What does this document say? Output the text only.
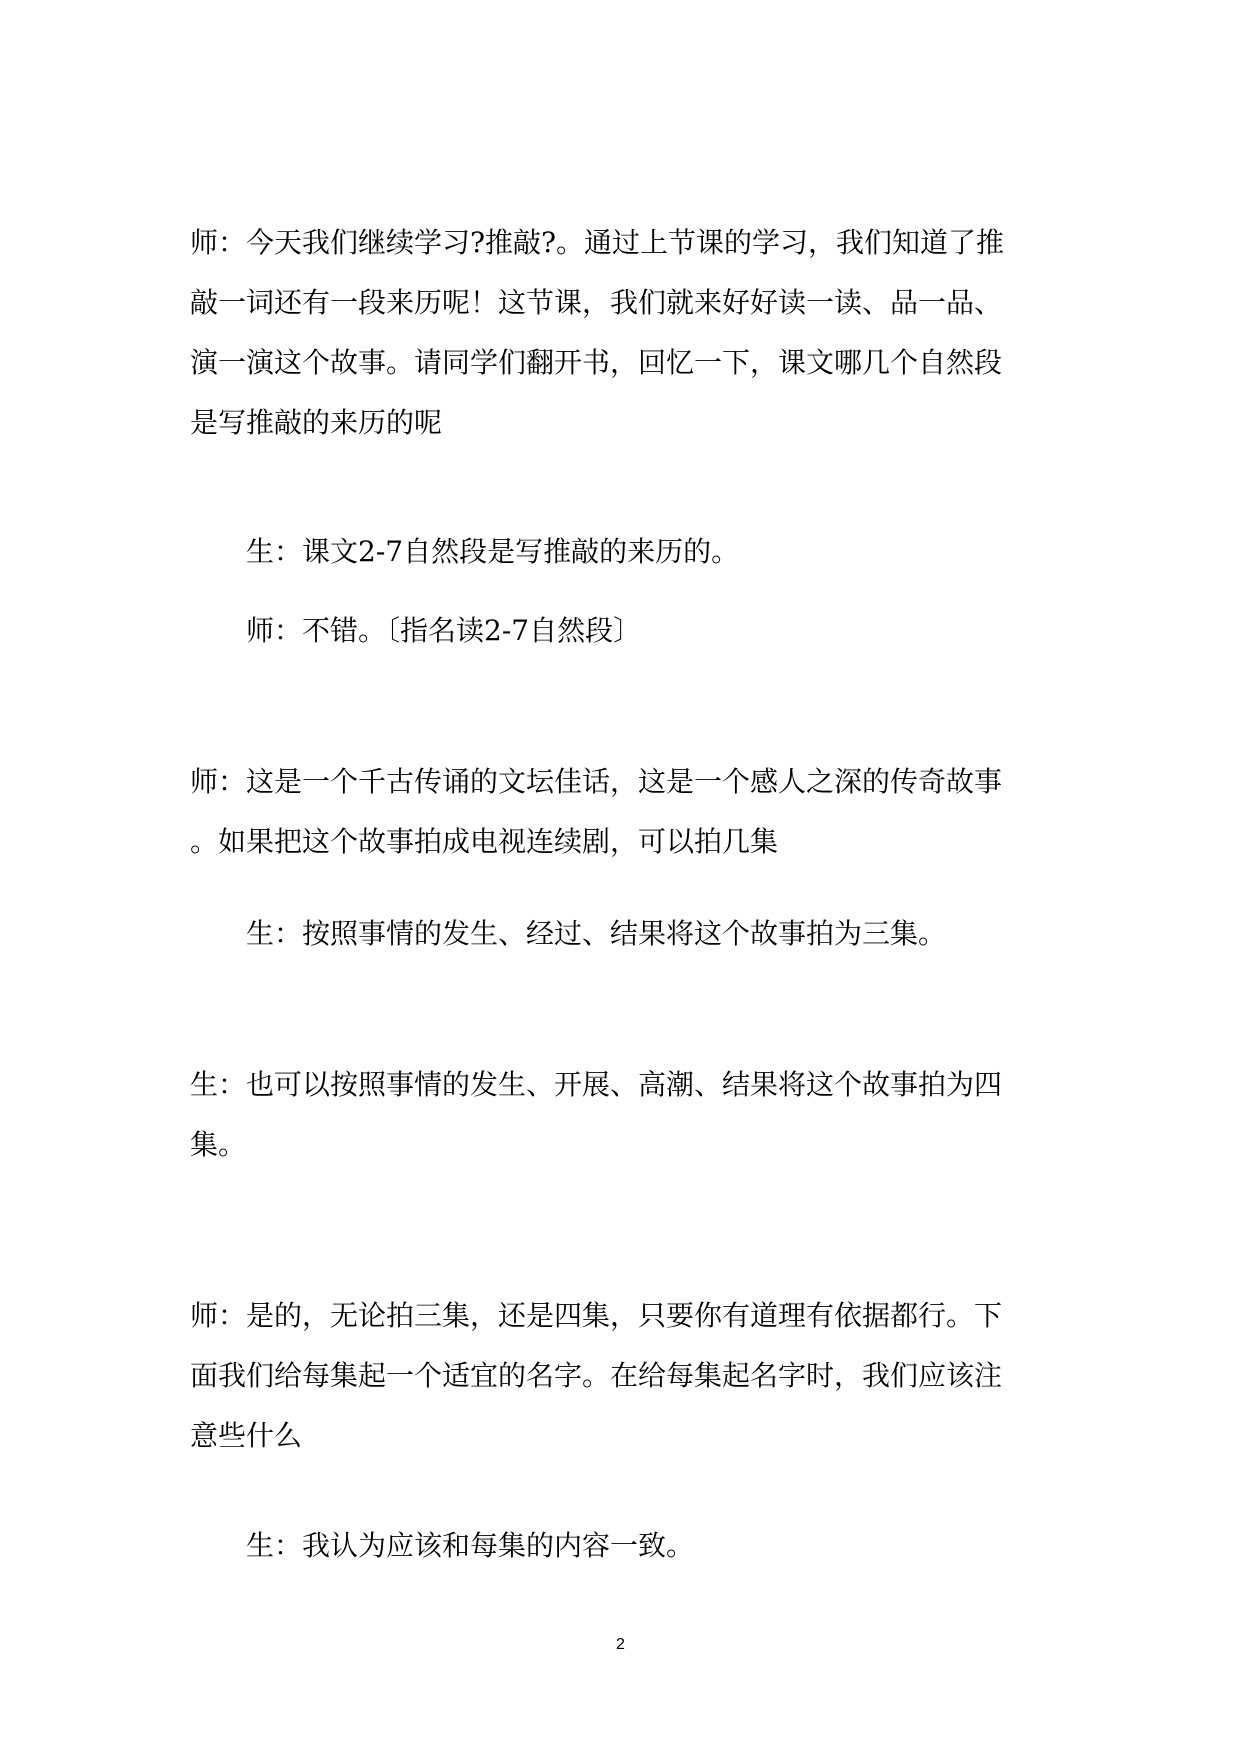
师：今天我们继续学习?推敲?。通过上节课的学习，我们知道了推
敲一词还有一段来历呢！这节课，我们就来好好读一读、品一品、
演一演这个故事。请同学们翻开书，回忆一下，课文哪几个自然段
是写推敲的来历的呢
生：课文2-7自然段是写推敲的来历的。
师：不错。〔指名读2-7自然段〕
师：这是一个千古传诵的文坛佳话，这是一个感人之深的传奇故事
。如果把这个故事拍成电视连续剧，可以拍几集
生：按照事情的发生、经过、结果将这个故事拍为三集。
生：也可以按照事情的发生、开展、高潮、结果将这个故事拍为四
集。
师：是的，无论拍三集，还是四集，只要你有道理有依据都行。下
面我们给每集起一个适宜的名字。在给每集起名字时，我们应该注
意些什么
生：我认为应该和每集的内容一致。
2
